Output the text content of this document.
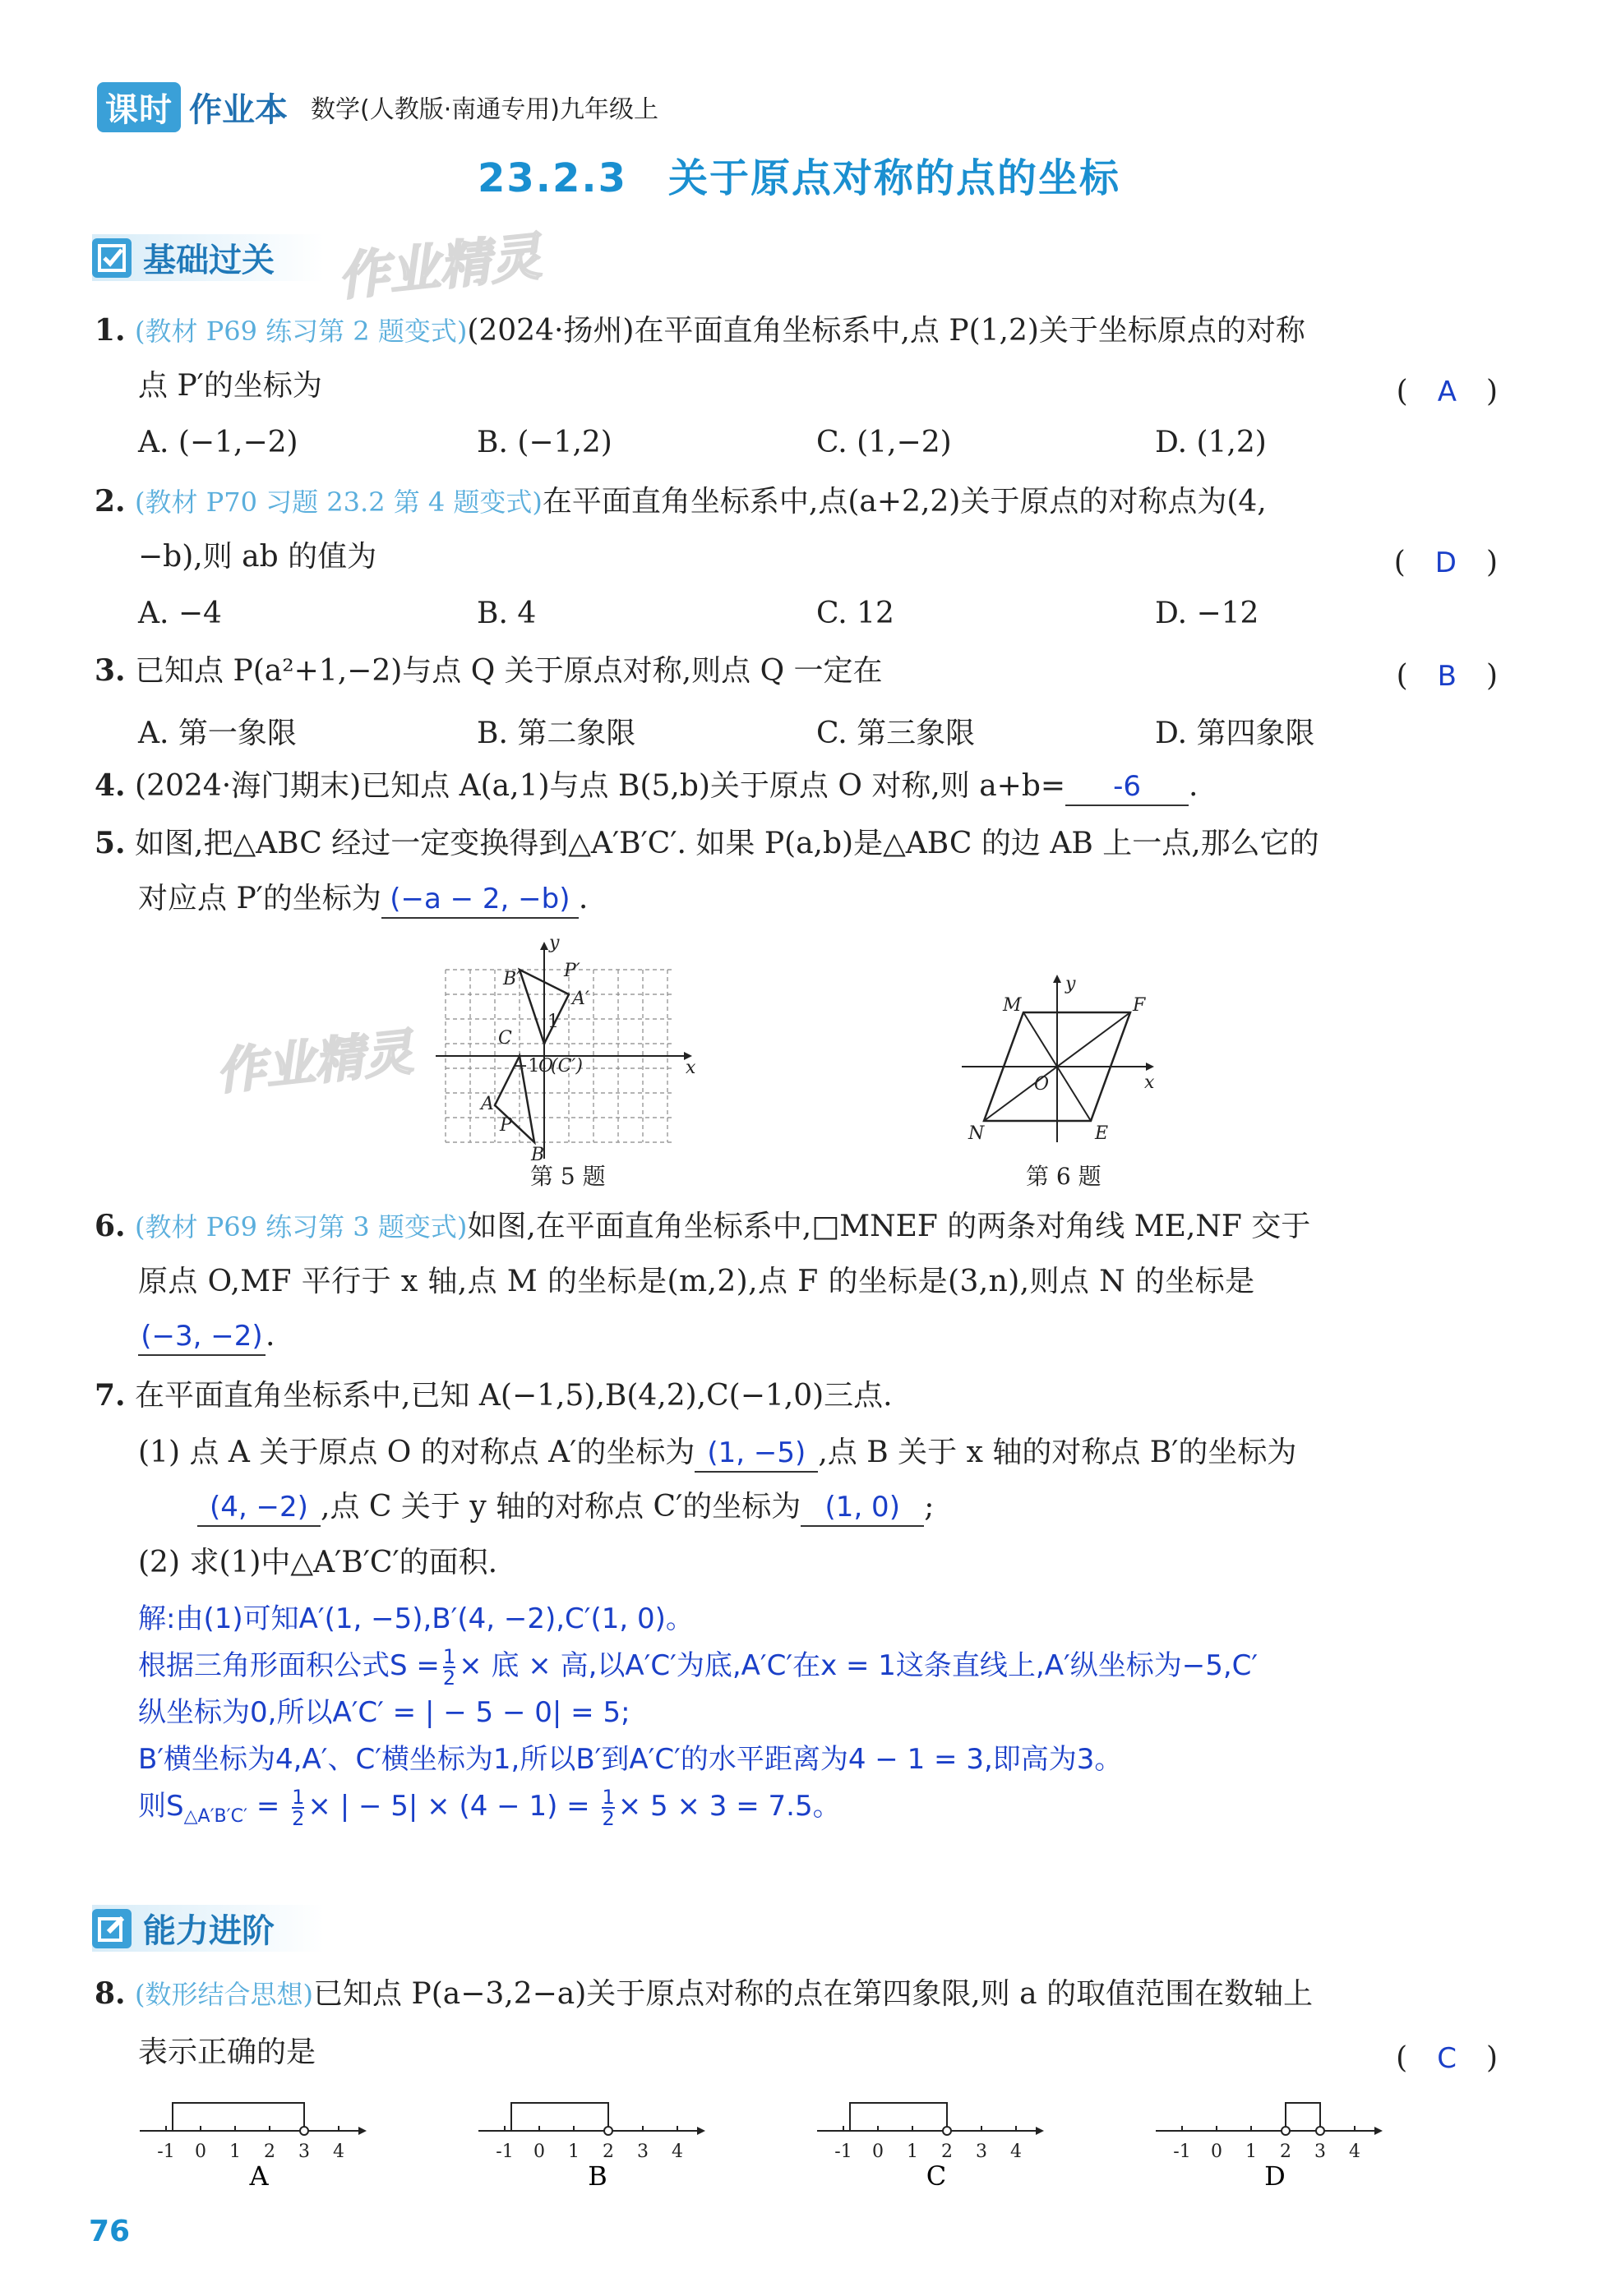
课时 作业本 数学(人教版·南通专用)九年级上
23.2.3　关于原点对称的点的坐标
基础过关 作业精灵
1. (教材 P69 练习第 2 题变式)(2024·扬州)在平面直角坐标系中,点 P(1,2)关于坐标原点的对称
点 P′的坐标为	(　A　)
A. (−1,−2)	B. (−1,2)	C. (1,−2)	D. (1,2)
2. (教材 P70 习题 23.2 第 4 题变式)在平面直角坐标系中,点(a+2,2)关于原点的对称点为(4,
−b),则 ab 的值为	(　D　)
A. −4	B. 4	C. 12	D. −12
3. 已知点 P(a²+1,−2)与点 Q 关于原点对称,则点 Q 一定在	(　B　)
A. 第一象限	B. 第二象限	C. 第三象限	D. 第四象限
4. (2024·海门期末)已知点 A(a,1)与点 B(5,b)关于原点 O 对称,则 a+b= -6 .
5. 如图,把△ABC 经过一定变换得到△A′B′C′. 如果 P(a,b)是△ABC 的边 AB 上一点,那么它的
对应点 P′的坐标为 (−a − 2, −b) .
B′ P′
A′
C
−1
O
(C′)
1
A
P
B
y
x
第 5 题
作业精灵
M	F
N	E
O
y
x
第 6 题
6. (教材 P69 练习第 3 题变式)如图,在平面直角坐标系中,□MNEF 的两条对角线 ME,NF 交于
原点 O,MF 平行于 x 轴,点 M 的坐标是(m,2),点 F 的坐标是(3,n),则点 N 的坐标是
(−3, −2).
7. 在平面直角坐标系中,已知 A(−1,5),B(4,2),C(−1,0)三点.
(1) 点 A 关于原点 O 的对称点 A′的坐标为 (1, −5) ,点 B 关于 x 轴的对称点 B′的坐标为
(4, −2) ,点 C 关于 y 轴的对称点 C′的坐标为 (1, 0) ;
(2) 求(1)中△A′B′C′的面积.
解:由(1)可知A′(1, −5),B′(4, −2),C′(1, 0)。
根据三角形面积公式$S = \frac{1}{2}$ × 底 × 高,以A′C′为底,A′C′在x = 1这条直线上,A′纵坐标为−5,C′
纵坐标为0,所以A′C′ = | − 5 − 0| = 5;
B′横坐标为4,A′、C′横坐标为1,所以B′到A′C′的水平距离为4 − 1 = 3,即高为3。
则$S_{\triangle A'B'C'} = \frac{1}{2}$ × | − $5| \times (4 - 1) = \frac{1}{2} \times 5 \times 3 = 7.5$。
能力进阶
8. (数形结合思想)已知点 P(a−3,2−a)关于原点对称的点在第四象限,则 a 的取值范围在数轴上
表示正确的是	(　C　)
-1 0 1 2 3 4
A
-1 0 1 2 3 4
B
-1 0 1 2 3 4
C
-1 0 1 2 3 4
D
76
